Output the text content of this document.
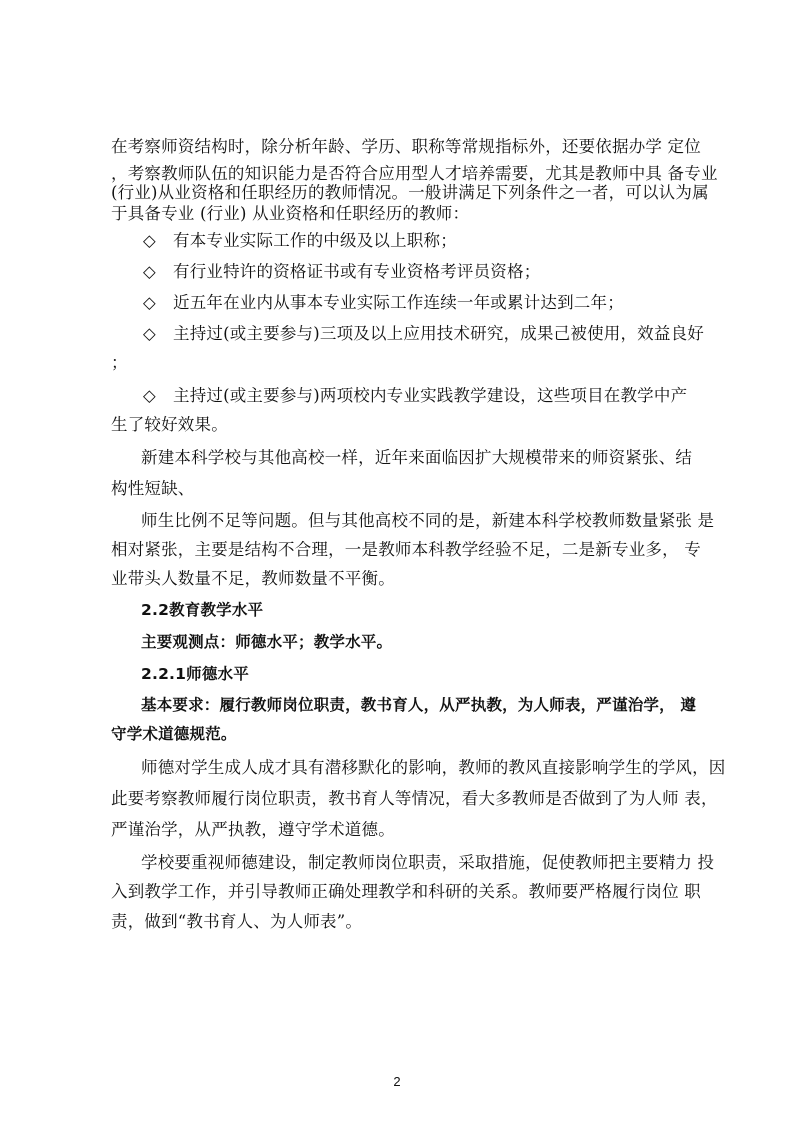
在考察师资结构时，除分析年龄、学历、职称等常规指标外，还要依据办学 定位
，考察教师队伍的知识能力是否符合应用型人才培养需要，尤其是教师中具 备专业
(行业)从业资格和任职经历的教师情况。一般讲满足下列条件之一者，可以认为属
于具备专业 (行业) 从业资格和任职经历的教师：
◇ 有本专业实际工作的中级及以上职称；
◇ 有行业特许的资格证书或有专业资格考评员资格；
◇ 近五年在业内从事本专业实际工作连续一年或累计达到二年；
◇ 主持过(或主要参与)三项及以上应用技术研究，成果己被使用，效益良好
；
◇ 主持过(或主要参与)两项校内专业实践教学建设，这些项目在教学中产
生了较好效果。
新建本科学校与其他高校一样，近年来面临因扩大规模带来的师资紧张、结
构性短缺、
师生比例不足等问题。但与其他高校不同的是，新建本科学校教师数量紧张 是
相对紧张，主要是结构不合理，一是教师本科教学经验不足，二是新专业多， 专
业带头人数量不足，教师数量不平衡。
2.2教育教学水平
主要观测点：师德水平；教学水平。
2.2.1师德水平
基本要求：履行教师岗位职责，教书育人，从严执教，为人师表，严谨治学， 遵
守学术道德规范。
师德对学生成人成才具有潜移默化的影响，教师的教风直接影响学生的学风，因
此要考察教师履行岗位职责，教书育人等情况，看大多教师是否做到了为人师 表，
严谨治学，从严执教，遵守学术道德。
学校要重视师德建设，制定教师岗位职责，采取措施，促使教师把主要精力 投
入到教学工作，并引导教师正确处理教学和科研的关系。教师要严格履行岗位 职
责，做到“教书育人、为人师表”。
2
